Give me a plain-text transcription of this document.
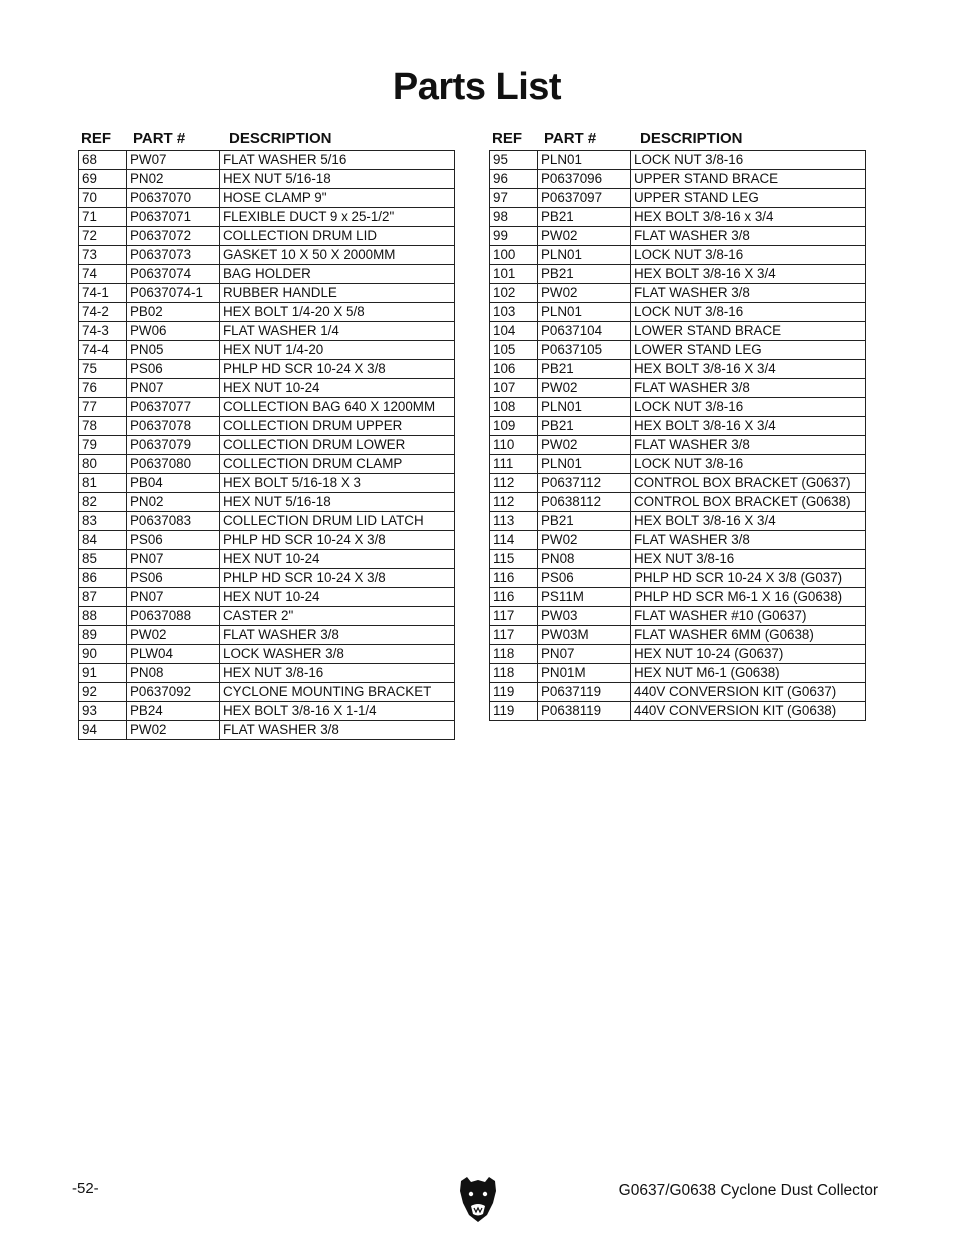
Parts List
REF	PART #	DESCRIPTION
68	PW07	FLAT WASHER 5/16
69	PN02	HEX NUT 5/16-18
70	P0637070	HOSE CLAMP 9"
71	P0637071	FLEXIBLE DUCT 9 x 25-1/2"
72	P0637072	COLLECTION DRUM LID
73	P0637073	GASKET 10 X 50 X 2000MM
74	P0637074	BAG HOLDER
74-1	P0637074-1	RUBBER HANDLE
74-2	PB02	HEX BOLT 1/4-20 X 5/8
74-3	PW06	FLAT WASHER 1/4
74-4	PN05	HEX NUT 1/4-20
75	PS06	PHLP HD SCR 10-24 X 3/8
76	PN07	HEX NUT 10-24
77	P0637077	COLLECTION BAG 640 X 1200MM
78	P0637078	COLLECTION DRUM UPPER
79	P0637079	COLLECTION DRUM LOWER
80	P0637080	COLLECTION DRUM CLAMP
81	PB04	HEX BOLT 5/16-18 X 3
82	PN02	HEX NUT 5/16-18
83	P0637083	COLLECTION DRUM LID LATCH
84	PS06	PHLP HD SCR 10-24 X 3/8
85	PN07	HEX NUT 10-24
86	PS06	PHLP HD SCR 10-24 X 3/8
87	PN07	HEX NUT 10-24
88	P0637088	CASTER 2"
89	PW02	FLAT WASHER 3/8
90	PLW04	LOCK WASHER 3/8
91	PN08	HEX NUT 3/8-16
92	P0637092	CYCLONE MOUNTING BRACKET
93	PB24	HEX BOLT 3/8-16 X 1-1/4
94	PW02	FLAT WASHER 3/8
REF	PART #	DESCRIPTION
95	PLN01	LOCK NUT 3/8-16
96	P0637096	UPPER STAND BRACE
97	P0637097	UPPER STAND LEG
98	PB21	HEX BOLT 3/8-16 x 3/4
99	PW02	FLAT WASHER 3/8
100	PLN01	LOCK NUT 3/8-16
101	PB21	HEX BOLT 3/8-16 X 3/4
102	PW02	FLAT WASHER 3/8
103	PLN01	LOCK NUT 3/8-16
104	P0637104	LOWER STAND BRACE
105	P0637105	LOWER STAND LEG
106	PB21	HEX BOLT 3/8-16 X 3/4
107	PW02	FLAT WASHER 3/8
108	PLN01	LOCK NUT 3/8-16
109	PB21	HEX BOLT 3/8-16 X 3/4
110	PW02	FLAT WASHER 3/8
111	PLN01	LOCK NUT 3/8-16
112	P0637112	CONTROL BOX BRACKET (G0637)
112	P0638112	CONTROL BOX BRACKET (G0638)
113	PB21	HEX BOLT 3/8-16 X 3/4
114	PW02	FLAT WASHER 3/8
115	PN08	HEX NUT 3/8-16
116	PS06	PHLP HD SCR 10-24 X 3/8 (G037)
116	PS11M	PHLP HD SCR M6-1 X 16 (G0638)
117	PW03	FLAT WASHER #10 (G0637)
117	PW03M	FLAT WASHER 6MM (G0638)
118	PN07	HEX NUT 10-24 (G0637)
118	PN01M	HEX NUT M6-1 (G0638)
119	P0637119	440V CONVERSION KIT (G0637)
119	P0638119	440V CONVERSION KIT (G0638)
-52-	G0637/G0638 Cyclone Dust Collector
